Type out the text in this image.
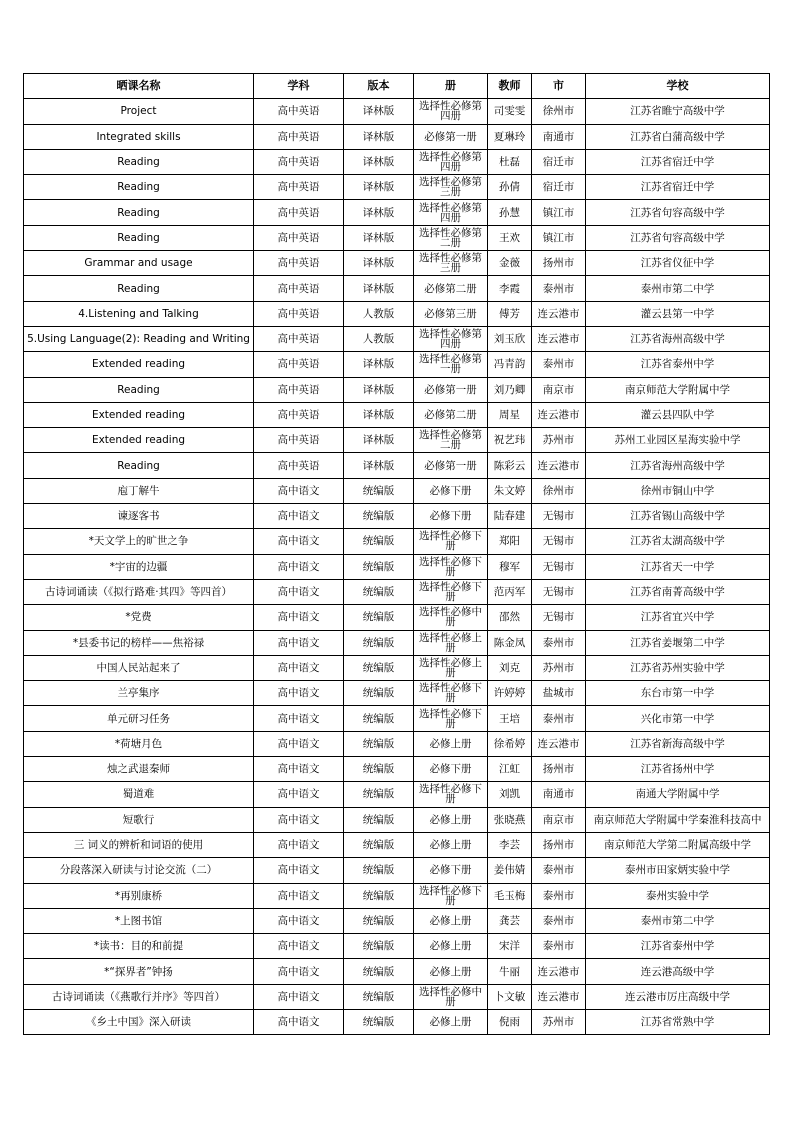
晒课名称	学科	版本	册	教师	市	学校

Project	高中英语	译林版	选择性必修第四册	司雯雯	徐州市	江苏省睢宁高级中学

Integrated skills	高中英语	译林版	必修第一册	夏琳玲	南通市	江苏省白蒲高级中学

Reading	高中英语	译林版	选择性必修第四册	杜磊	宿迁市	江苏省宿迁中学

Reading	高中英语	译林版	选择性必修第三册	孙倩	宿迁市	江苏省宿迁中学

Reading	高中英语	译林版	选择性必修第四册	孙慧	镇江市	江苏省句容高级中学

Reading	高中英语	译林版	选择性必修第二册	王欢	镇江市	江苏省句容高级中学

Grammar and usage	高中英语	译林版	选择性必修第三册	金薇	扬州市	江苏省仪征中学

Reading	高中英语	译林版	必修第二册	李霞	泰州市	泰州市第二中学

4.Listening and Talking	高中英语	人教版	必修第三册	傅芳	连云港市	灌云县第一中学

5.Using Language(2): Reading and Writing	高中英语	人教版	选择性必修第四册	刘玉欣	连云港市	江苏省海州高级中学

Extended reading	高中英语	译林版	选择性必修第一册	冯青韵	泰州市	江苏省泰州中学

Reading	高中英语	译林版	必修第一册	刘乃卿	南京市	南京师范大学附属中学

Extended reading	高中英语	译林版	必修第二册	周星	连云港市	灌云县四队中学

Extended reading	高中英语	译林版	选择性必修第二册	祝艺玮	苏州市	苏州工业园区星海实验中学

Reading	高中英语	译林版	必修第一册	陈彩云	连云港市	江苏省海州高级中学

庖丁解牛	高中语文	统编版	必修下册	朱文婷	徐州市	徐州市铜山中学

谏逐客书	高中语文	统编版	必修下册	陆春建	无锡市	江苏省锡山高级中学

*天文学上的旷世之争	高中语文	统编版	选择性必修下册	郑阳	无锡市	江苏省太湖高级中学

*宇宙的边疆	高中语文	统编版	选择性必修下册	穆军	无锡市	江苏省天一中学

古诗词诵读（《拟行路难·其四》等四首）	高中语文	统编版	选择性必修下册	范丙军	无锡市	江苏省南菁高级中学

*党费	高中语文	统编版	选择性必修中册	邵然	无锡市	江苏省宜兴中学

*县委书记的榜样——焦裕禄	高中语文	统编版	选择性必修上册	陈金凤	泰州市	江苏省姜堰第二中学

中国人民站起来了	高中语文	统编版	选择性必修上册	刘克	苏州市	江苏省苏州实验中学

兰亭集序	高中语文	统编版	选择性必修下册	许婷婷	盐城市	东台市第一中学

单元研习任务	高中语文	统编版	选择性必修下册	王培	泰州市	兴化市第一中学

*荷塘月色	高中语文	统编版	必修上册	徐希婷	连云港市	江苏省新海高级中学

烛之武退秦师	高中语文	统编版	必修下册	江虹	扬州市	江苏省扬州中学

蜀道难	高中语文	统编版	选择性必修下册	刘凯	南通市	南通大学附属中学

短歌行	高中语文	统编版	必修上册	张晓燕	南京市	南京师范大学附属中学秦淮科技高中

三 词义的辨析和词语的使用	高中语文	统编版	必修上册	李芸	扬州市	南京师范大学第二附属高级中学

分段落深入研读与讨论交流（二）	高中语文	统编版	必修下册	姜伟婧	泰州市	泰州市田家炳实验中学

*再别康桥	高中语文	统编版	选择性必修下册	毛玉梅	泰州市	泰州实验中学

*上图书馆	高中语文	统编版	必修上册	龚芸	泰州市	泰州市第二中学

*读书：目的和前提	高中语文	统编版	必修上册	宋洋	泰州市	江苏省泰州中学

*“探界者”钟扬	高中语文	统编版	必修上册	牛丽	连云港市	连云港高级中学

古诗词诵读（《燕歌行并序》等四首）	高中语文	统编版	选择性必修中册	卜文敏	连云港市	连云港市厉庄高级中学

《乡土中国》深入研读	高中语文	统编版	必修上册	倪雨	苏州市	江苏省常熟中学
